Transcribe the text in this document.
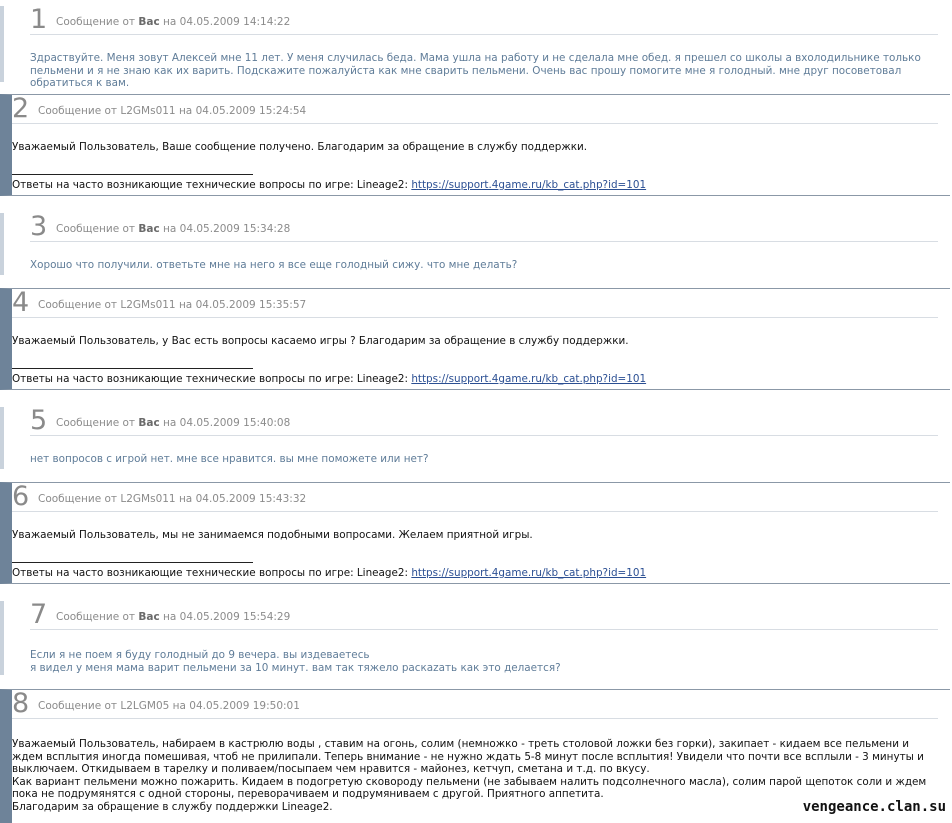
1 Сообщение от Вас на 04.05.2009 14:14:22
Здраствуйте. Меня зовут Алексей мне 11 лет. У меня случилась беда. Мама ушла на работу и не сделала мне обед. я прешел со школы а вхолодильнике только пельмени и я не знаю как их варить. Подскажите пожалуйста как мне сварить пельмени. Очень вас прошу помогите мне я голодный. мне друг посоветовал обратиться к вам.
2 Сообщение от L2GMs011 на 04.05.2009 15:24:54
Уважаемый Пользователь, Ваше сообщение получено. Благодарим за обращение в службу поддержки.
Ответы на часто возникающие технические вопросы по игре: Lineage2: https://support.4game.ru/kb_cat.php?id=101
3 Сообщение от Вас на 04.05.2009 15:34:28
Хорошо что получили. ответьте мне на него я все еще голодный сижу. что мне делать?
4 Сообщение от L2GMs011 на 04.05.2009 15:35:57
Уважаемый Пользователь, у Вас есть вопросы касаемо игры ? Благодарим за обращение в службу поддержки.
Ответы на часто возникающие технические вопросы по игре: Lineage2: https://support.4game.ru/kb_cat.php?id=101
5 Сообщение от Вас на 04.05.2009 15:40:08
нет вопросов с игрой нет. мне все нравится. вы мне поможете или нет?
6 Сообщение от L2GMs011 на 04.05.2009 15:43:32
Уважаемый Пользователь, мы не занимаемся подобными вопросами. Желаем приятной игры.
Ответы на часто возникающие технические вопросы по игре: Lineage2: https://support.4game.ru/kb_cat.php?id=101
7 Сообщение от Вас на 04.05.2009 15:54:29
Если я не поем я буду голодный до 9 вечера. вы издеваетесь
я видел у меня мама варит пельмени за 10 минут. вам так тяжело раскazать как это делается?
8 Сообщение от L2LGM05 на 04.05.2009 19:50:01
Уважаемый Пользователь, набираем в кастрюлю воды , ставим на огонь, солим (немножко - треть столовой ложки без горки), закипает - кидаем все пельмени и ждем всплытия иногда помешивая, чтоб не прилипали. Теперь внимание - не нужно ждать 5-8 минут после всплытия! Увидели что почти все всплыли - 3 минуты и выключаем. Откидываем в тарелку и поливаем/посыпаем чем нравится - майонез, кетчуп, сметана и т.д. по вкусу.
Как вариант пельмени можно пожарить. Кидаем в подогретую сковороду пельмени (не забываем налить подсолнечного масла), солим парой щепоток соли и ждем пока не подрумянятся с одной стороны, переворачиваем и подрумяниваем с другой. Приятного аппетита.
Благодарим за обращение в службу поддержки Lineage2.	vengeance.clan.su
